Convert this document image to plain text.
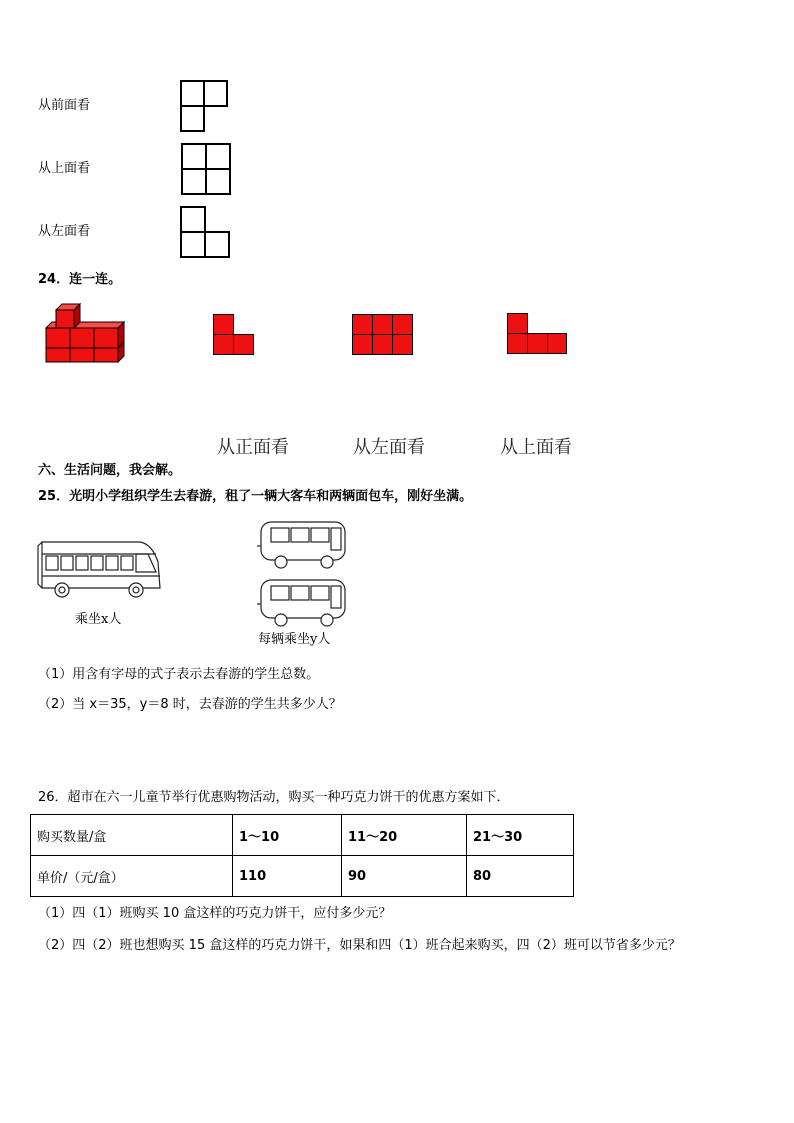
从前面看
从上面看
从左面看
24．连一连。
从正面看	从左面看	从上面看
六、生活问题，我会解。
25．光明小学组织学生去春游，租了一辆大客车和两辆面包车，刚好坐满。
乘坐x人
每辆乘坐y人
（1）用含有字母的式子表示去春游的学生总数。
（2）当 x＝35，y＝8 时，去春游的学生共多少人？
26．超市在六一儿童节举行优惠购物活动，购买一种巧克力饼干的优惠方案如下．
购买数量/盒	1～10	11～20	21～30
单价/（元/盒）	110	90	80
（1）四（1）班购买 10 盒这样的巧克力饼干，应付多少元？
（2）四（2）班也想购买 15 盒这样的巧克力饼干，如果和四（1）班合起来购买，四（2）班可以节省多少元？
